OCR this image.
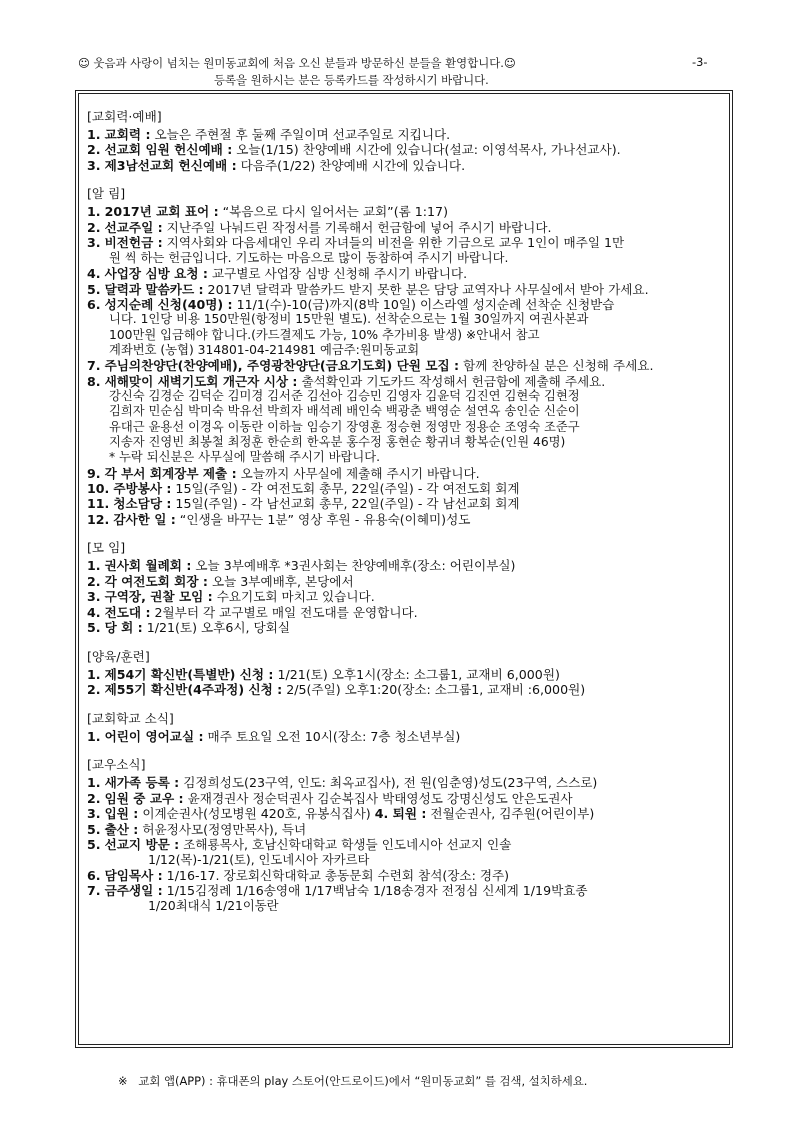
☺ 웃음과 사랑이 넘치는 원미동교회에 처음 오신 분들과 방문하신 분들을 환영합니다.☺	-3-
등록을 원하시는 분은 등록카드를 작성하시기 바랍니다.
[교회력·예배]
1. 교회력 : 오늘은 주현절 후 둘째 주일이며 선교주일로 지킵니다.
2. 선교회 임원 헌신예배 : 오늘(1/15) 찬양예배 시간에 있습니다(설교: 이영석목사, 가나선교사).
3. 제3남선교회 헌신예배 : 다음주(1/22) 찬양예배 시간에 있습니다.
[알 림]
1. 2017년 교회 표어 : “복음으로 다시 일어서는 교회”(롬 1:17)
2. 선교주일 : 지난주일 나눠드린 작정서를 기록해서 헌금함에 넣어 주시기 바랍니다.
3. 비전헌금 : 지역사회와 다음세대인 우리 자녀들의 비전을 위한 기금으로 교우 1인이 매주일 1만
원 씩 하는 헌금입니다. 기도하는 마음으로 많이 동참하여 주시기 바랍니다.
4. 사업장 심방 요청 : 교구별로 사업장 심방 신청해 주시기 바랍니다.
5. 달력과 말씀카드 : 2017년 달력과 말씀카드 받지 못한 분은 담당 교역자나 사무실에서 받아 가세요.
6. 성지순례 신청(40명) : 11/1(수)-10(금)까지(8박 10일) 이스라엘 성지순례 선착순 신청받습
니다. 1인당 비용 150만원(항정비 15만원 별도). 선착순으로는 1월 30일까지 여권사본과
100만원 입금해야 합니다.(카드결제도 가능, 10% 추가비용 발생) ※안내서 참고
계좌번호 (농협) 314801-04-214981 예금주:원미동교회
7. 주님의찬양단(찬양예배), 주영광찬양단(금요기도회) 단원 모집 : 함께 찬양하실 분은 신청해 주세요.
8. 새해맞이 새벽기도회 개근자 시상 : 출석확인과 기도카드 작성해서 헌금함에 제출해 주세요.
강신숙 김경순 김덕순 김미경 김서준 김선아 김승민 김영자 김윤덕 김진연 김현숙 김현정
김희자 민순심 박미숙 박유선 박희자 배석례 배인숙 백광춘 백영순 설연옥 송인순 신순이
유대근 윤용선 이경옥 이동란 이하늘 임승기 장영훈 정승현 정영만 정용순 조영숙 조준구
지송자 진영빈 최봉철 최정훈 한순희 한옥분 홍수정 홍현순 황귀녀 황복순(인원 46명)
* 누락 되신분은 사무실에 말씀해 주시기 바랍니다.
9. 각 부서 회계장부 제출 : 오늘까지 사무실에 제출해 주시기 바랍니다.
10. 주방봉사 : 15일(주일) - 각 여전도회 총무, 22일(주일) - 각 여전도회 회계
11. 청소담당 : 15일(주일) - 각 남선교회 총무, 22일(주일) - 각 남선교회 회계
12. 감사한 일 : “인생을 바꾸는 1분” 영상 후원 - 유용숙(이혜미)성도
[모 임]
1. 권사회 월례회 : 오늘 3부예배후 *3권사회는 찬양예배후(장소: 어린이부실)
2. 각 여전도회 회장 : 오늘 3부예배후, 본당에서
3. 구역장, 권찰 모임 : 수요기도회 마치고 있습니다.
4. 전도대 : 2월부터 각 교구별로 매일 전도대를 운영합니다.
5. 당 회 : 1/21(토) 오후6시, 당회실
[양육/훈련]
1. 제54기 확신반(특별반) 신청 : 1/21(토) 오후1시(장소: 소그룹1, 교재비 6,000원)
2. 제55기 확신반(4주과정) 신청 : 2/5(주일) 오후1:20(장소: 소그룹1, 교재비 :6,000원)
[교회학교 소식]
1. 어린이 영어교실 : 매주 토요일 오전 10시(장소: 7층 청소년부실)
[교우소식]
1. 새가족 등록 : 김정희성도(23구역, 인도: 최옥교집사), 전 원(임춘영)성도(23구역, 스스로)
2. 임원 중 교우 : 윤재경권사 정순덕권사 김순복집사 박태영성도 강명신성도 안은도권사
3. 입원 : 이계순권사(성모병원 420호, 유봉식집사) 4. 퇴원 : 전월순권사, 김주원(어린이부)
5. 출산 : 허윤정사모(정영만목사), 득녀
5. 선교지 방문 : 조해룡목사, 호남신학대학교 학생들 인도네시아 선교지 인솔
1/12(목)-1/21(토), 인도네시아 자카르타
6. 담임목사 : 1/16-17. 장로회신학대학교 총동문회 수련회 참석(장소: 경주)
7. 금주생일 : 1/15김정례 1/16송영애 1/17백남숙 1/18송경자 전정심 신세계 1/19박효종
1/20최대식 1/21이동란
※ 교회 앱(APP) : 휴대폰의 play 스토어(안드로이드)에서 “원미동교회” 를 검색, 설치하세요.
